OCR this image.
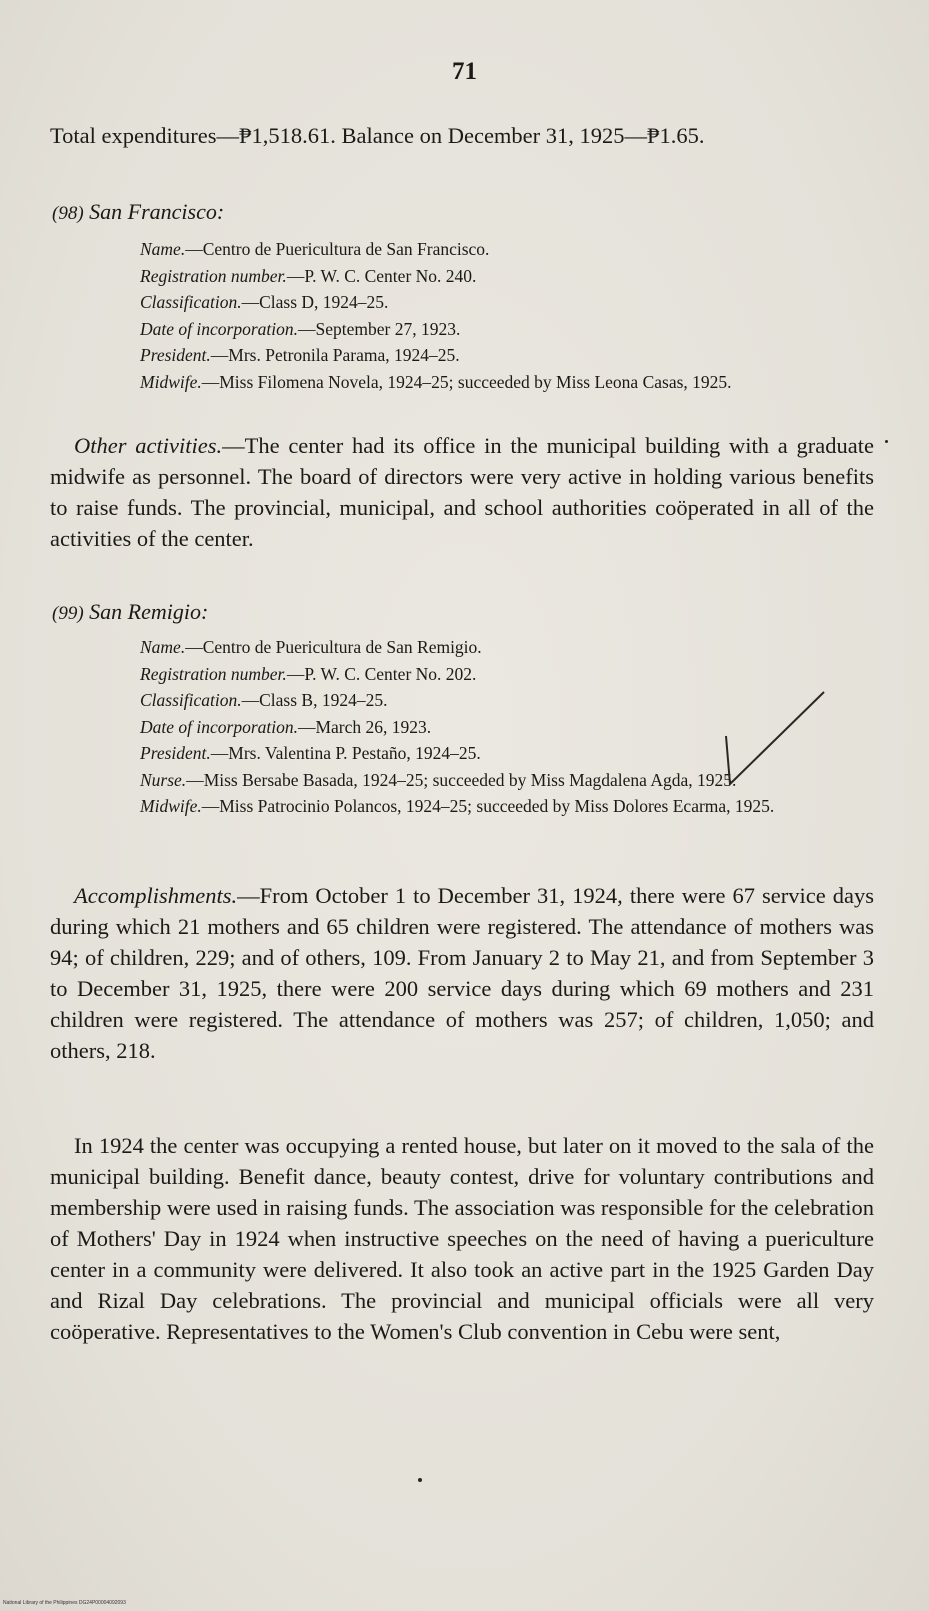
71

Total expenditures—₱1,518.61. Balance on December 31, 1925—₱1.65.

(98) San Francisco:
Name.—Centro de Puericultura de San Francisco.
Registration number.—P. W. C. Center No. 240.
Classification.—Class D, 1924–25.
Date of incorporation.—September 27, 1923.
President.—Mrs. Petronila Parama, 1924–25.
Midwife.—Miss Filomena Novela, 1924–25; succeeded by Miss Leona Casas, 1925.

Other activities.—The center had its office in the municipal building with a graduate midwife as personnel. The board of directors were very active in holding various benefits to raise funds. The provincial, municipal, and school authorities coöperated in all of the activities of the center.

(99) San Remigio:
Name.—Centro de Puericultura de San Remigio.
Registration number.—P. W. C. Center No. 202.
Classification.—Class B, 1924–25.
Date of incorporation.—March 26, 1923.
President.—Mrs. Valentina P. Pestaño, 1924–25.
Nurse.—Miss Bersabe Basada, 1924–25; succeeded by Miss Magdalena Agda, 1925.
Midwife.—Miss Patrocinio Polancos, 1924–25; succeeded by Miss Dolores Ecarma, 1925.

Accomplishments.—From October 1 to December 31, 1924, there were 67 service days during which 21 mothers and 65 children were registered. The attendance of mothers was 94; of children, 229; and of others, 109. From January 2 to May 21, and from September 3 to December 31, 1925, there were 200 service days during which 69 mothers and 231 children were registered. The attendance of mothers was 257; of children, 1,050; and others, 218.

In 1924 the center was occupying a rented house, but later on it moved to the sala of the municipal building. Benefit dance, beauty contest, drive for voluntary contributions and membership were used in raising funds. The association was responsible for the celebration of Mothers' Day in 1924 when instructive speeches on the need of having a puericulture center in a community were delivered. It also took an active part in the 1925 Garden Day and Rizal Day celebrations. The provincial and municipal officials were all very coöperative. Representatives to the Women's Club convention in Cebu were sent,

National Library of the Philippines DG24P00004092093
